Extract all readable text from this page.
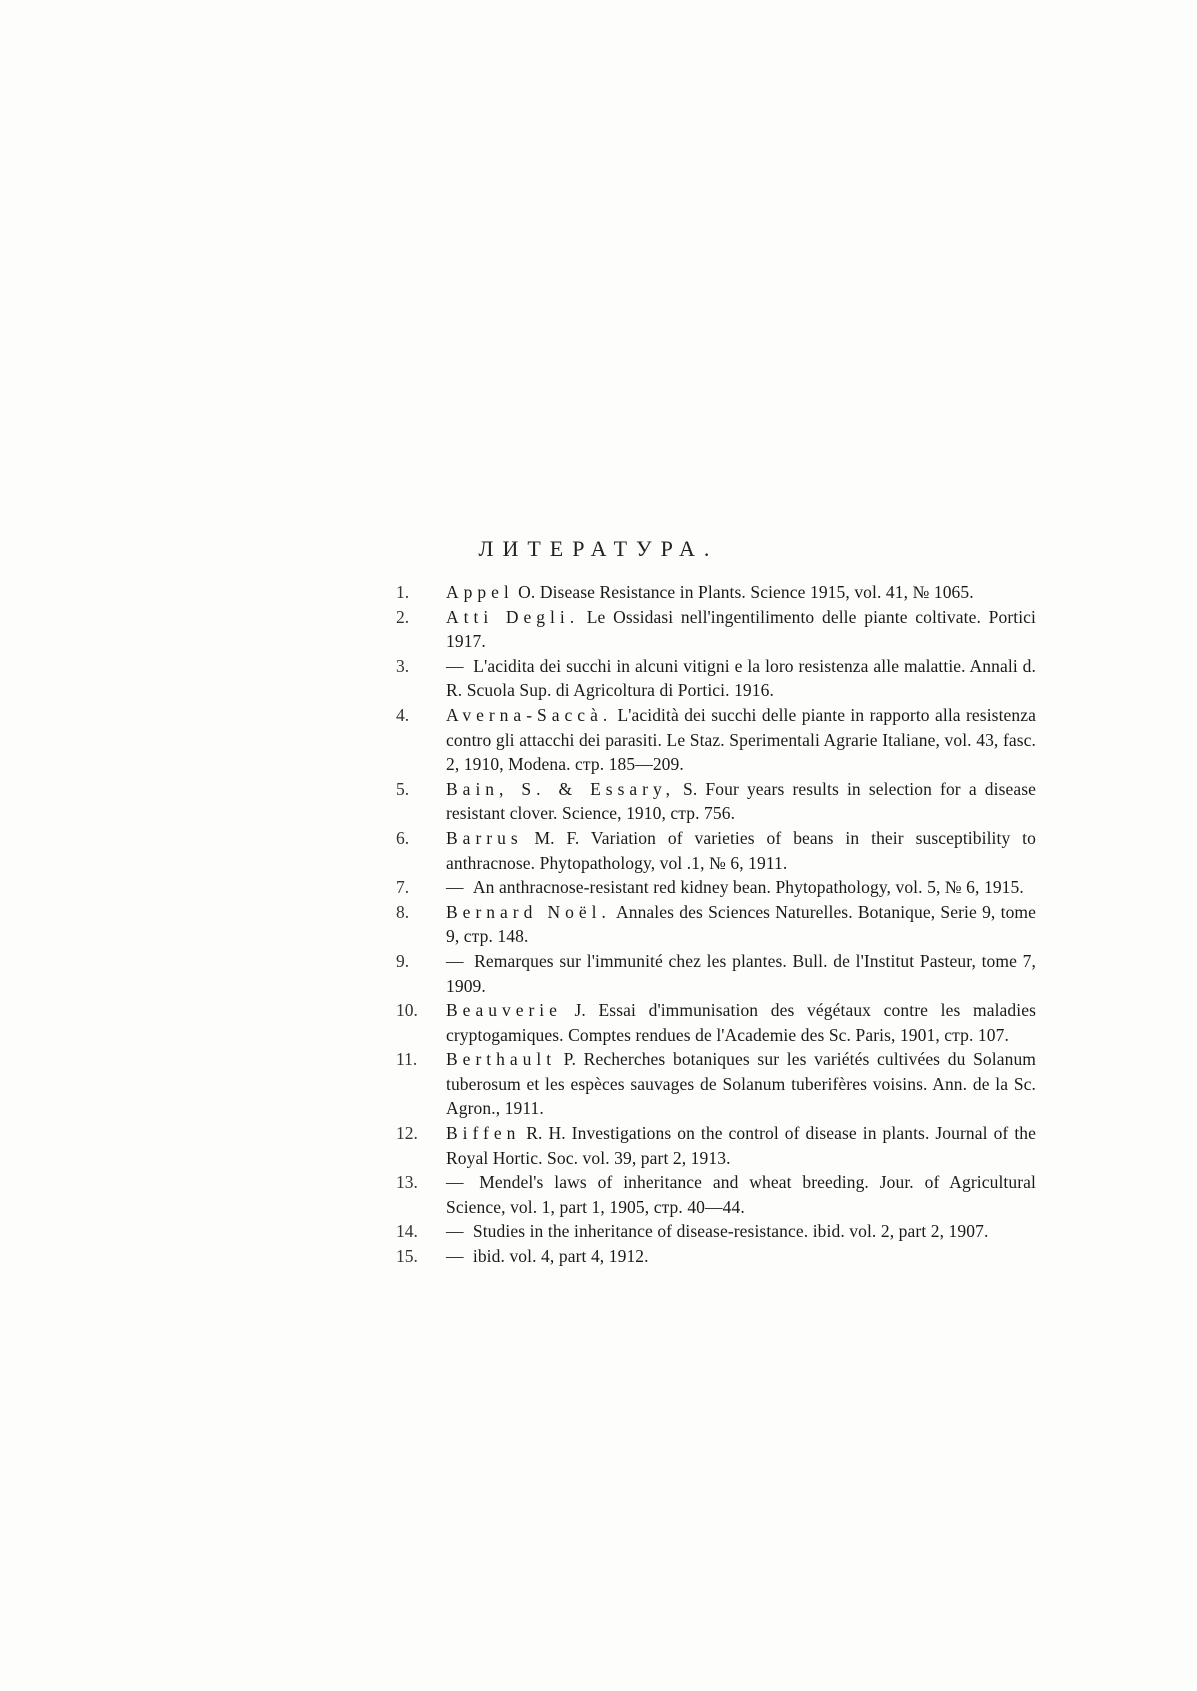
ЛИТЕРАТУРА.
1. Appel O. Disease Resistance in Plants. Science 1915, vol. 41, № 1065.
2. Atti Degli. Le Ossidasi nell'ingentilimento delle piante coltivate. Portici 1917.
3. — L'acidita dei succhi in alcuni vitigni e la loro resistenza alle malattie. Annali d. R. Scuola Sup. di Agricoltura di Portici. 1916.
4. Averna-Saccà. L'acidità dei succhi delle piante in rapporto alla resistenza contro gli attacchi dei parasiti. Le Staz. Sperimentali Agrarie Italiane, vol. 43, fasc. 2, 1910, Modena. стр. 185—209.
5. Bain, S. & Essary, S. Four years results in selection for a disease resistant clover. Science, 1910, стр. 756.
6. Barrus M. F. Variation of varieties of beans in their susceptibility to anthracnose. Phytopathology, vol .1, № 6, 1911.
7. — An anthracnose-resistant red kidney bean. Phytopathology, vol. 5, № 6, 1915.
8. Bernard Noël. Annales des Sciences Naturelles. Botanique, Serie 9, tome 9, стр. 148.
9. — Remarques sur l'immunité chez les plantes. Bull. de l'Institut Pasteur, tome 7, 1909.
10. Beauverie J. Essai d'immunisation des végétaux contre les maladies cryptogamiques. Comptes rendues de l'Academie des Sc. Paris, 1901, стр. 107.
11. Berthault P. Recherches botaniques sur les variétés cultivées du Solanum tuberosum et les espèces sauvages de Solanum tuberifères voisins. Ann. de la Sc. Agron., 1911.
12. Biffen R. H. Investigations on the control of disease in plants. Journal of the Royal Hortic. Soc. vol. 39, part 2, 1913.
13. — Mendel's laws of inheritance and wheat breeding. Jour. of Agricultural Science, vol. 1, part 1, 1905, стр. 40—44.
14. — Studies in the inheritance of disease-resistance. ibid. vol. 2, part 2, 1907.
15. — ibid. vol. 4, part 4, 1912.
